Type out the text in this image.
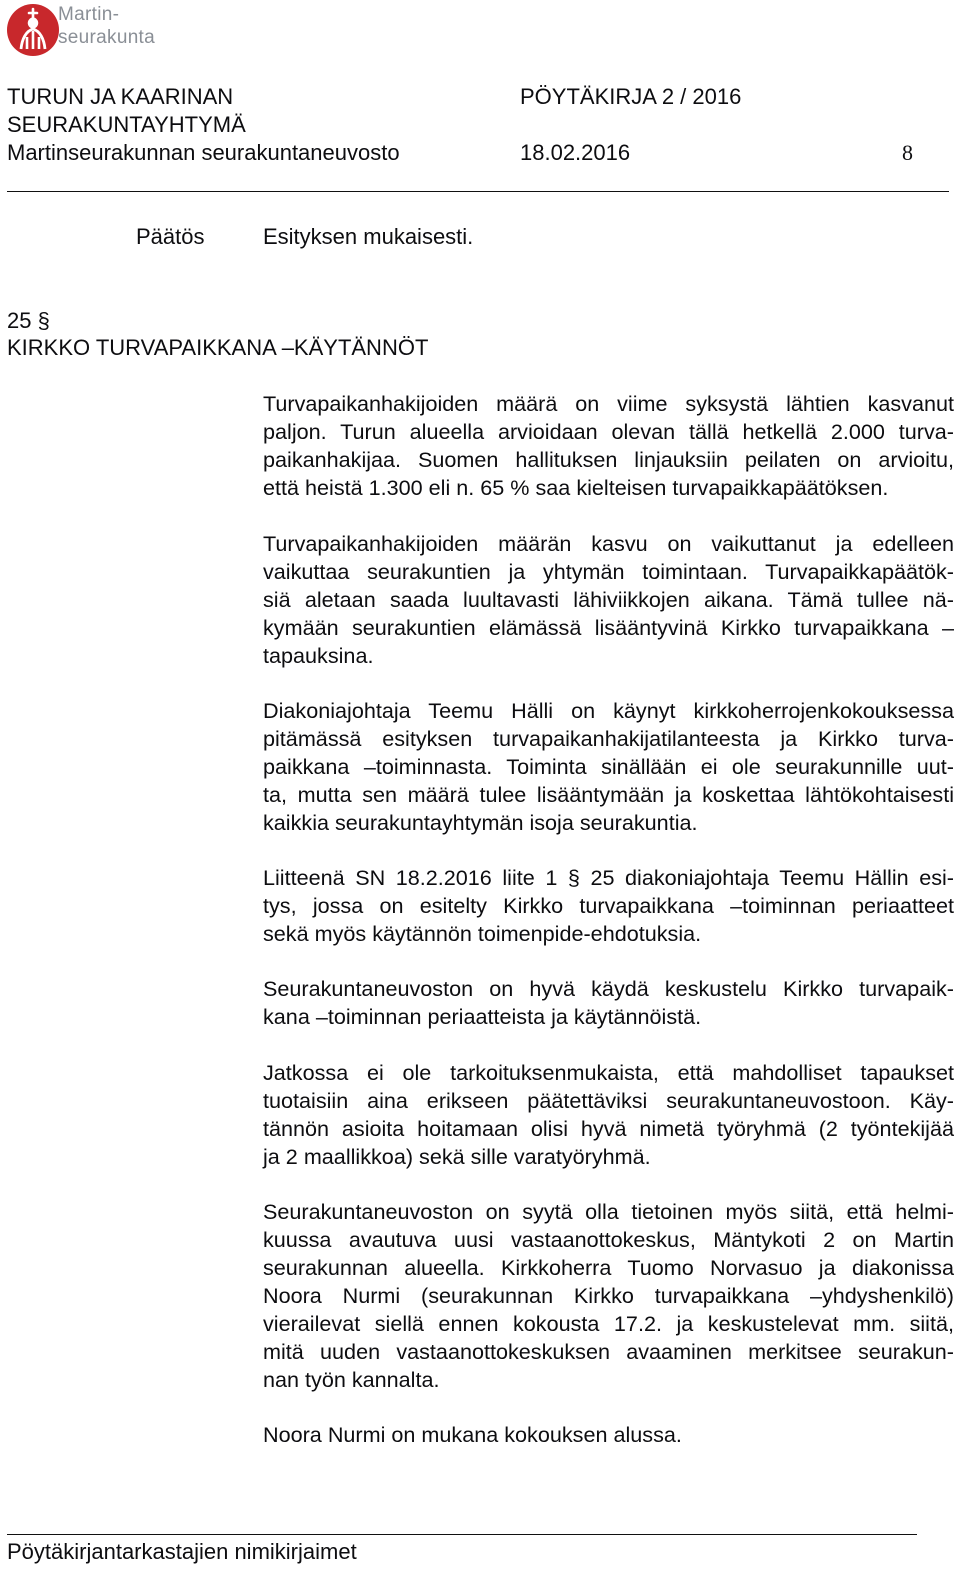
Martin-
seurakunta
TURUN JA KAARINAN
SEURAKUNTAYHTYMÄ
Martinseurakunnan seurakuntaneuvosto
PÖYTÄKIRJA 2 / 2016
18.02.2016	8
Päätös	Esityksen mukaisesti.
25 §
KIRKKO TURVAPAIKKANA –KÄYTÄNNÖT
Turvapaikanhakijoiden määrä on viime syksystä lähtien kasvanut
paljon. Turun alueella arvioidaan olevan tällä hetkellä 2.000 turva-
paikanhakijaa. Suomen hallituksen linjauksiin peilaten on arvioitu,
että heistä 1.300 eli n. 65 % saa kielteisen turvapaikkapäätöksen.
Turvapaikanhakijoiden määrän kasvu on vaikuttanut ja edelleen
vaikuttaa seurakuntien ja yhtymän toimintaan. Turvapaikkapäätök-
siä aletaan saada luultavasti lähiviikkojen aikana. Tämä tullee nä-
kymään seurakuntien elämässä lisääntyvinä Kirkko turvapaikkana –
tapauksina.
Diakoniajohtaja Teemu Hälli on käynyt kirkkoherrojenkokouksessa
pitämässä esityksen turvapaikanhakijatilanteesta ja Kirkko turva-
paikkana –toiminnasta. Toiminta sinällään ei ole seurakunnille uut-
ta, mutta sen määrä tulee lisääntymään ja koskettaa lähtökohtaisesti
kaikkia seurakuntayhtymän isoja seurakuntia.
Liitteenä SN 18.2.2016 liite 1 § 25 diakoniajohtaja Teemu Hällin esi-
tys, jossa on esitelty Kirkko turvapaikkana –toiminnan periaatteet
sekä myös käytännön toimenpide-ehdotuksia.
Seurakuntaneuvoston on hyvä käydä keskustelu Kirkko turvapaik-
kana –toiminnan periaatteista ja käytännöistä.
Jatkossa ei ole tarkoituksenmukaista, että mahdolliset tapaukset
tuotaisiin aina erikseen päätettäviksi seurakuntaneuvostoon. Käy-
tännön asioita hoitamaan olisi hyvä nimetä työryhmä (2 työntekijää
ja 2 maallikkoa) sekä sille varatyöryhmä.
Seurakuntaneuvoston on syytä olla tietoinen myös siitä, että helmi-
kuussa avautuva uusi vastaanottokeskus, Mäntykoti 2 on Martin
seurakunnan alueella. Kirkkoherra Tuomo Norvasuo ja diakonissa
Noora Nurmi (seurakunnan Kirkko turvapaikkana –yhdyshenkilö)
vierailevat siellä ennen kokousta 17.2. ja keskustelevat mm. siitä,
mitä uuden vastaanottokeskuksen avaaminen merkitsee seurakun-
nan työn kannalta.
Noora Nurmi on mukana kokouksen alussa.
Pöytäkirjantarkastajien nimikirjaimet
